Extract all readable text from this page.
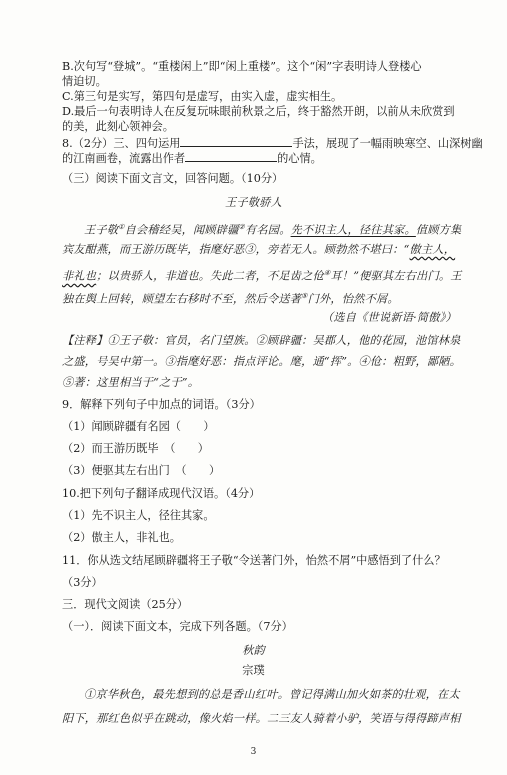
B.次句写“登城”。“重楼闲上”即“闲上重楼”。这个“闲”字表明诗人登楼心
情迫切。
C.第三句是实写，第四句是虚写，由实入虚，虚实相生。
D.最后一句表明诗人在反复玩味眼前秋景之后，终于豁然开朗，以前从未欣赏到
的美，此刻心领神会。
8.（2分）三、四句运用	手法，展现了一幅雨映寒空、山深树幽
的江南画卷，流露出作者	的心情。
（三）阅读下面文言文，回答问题。（10分）
王子敬骄人
王子敬①自会稽经吴，闻顾辟疆②有名园。先不识主人，径往其家。值顾方集
宾友酣燕，而王游历既毕，指麾好恶③，旁若无人。顾勃然不堪曰：“傲主人，
非礼也；以贵骄人，非道也。失此二者，不足齿之伧④耳！”便驱其左右出门。王
独在舆上回转，顾望左右移时不至，然后令送著⑤门外，怡然不屑。
（选自《世说新语·简傲》）
【注释】①王子敬：官员，名门望族。②顾辟疆：吴郡人，他的花园，池馆林泉
之盛，号吴中第一。③指麾好恶：指点评论。麾，通“挥”。④伧：粗野，鄙陋。
⑤著：这里相当于“之于”。
9．解释下列句子中加点的词语。（3分）
（1）闻顾辟疆有名园（　　）
（2）而王游历既毕　（　　）
（3）便驱其左右出门　（　　）
10.把下列句子翻译成现代汉语。（4分）
（1）先不识主人，径往其家。
（2）傲主人，非礼也。
11．你从选文结尾顾辟疆将王子敬“令送著门外，怡然不屑”中感悟到了什么？
（3分）
三．现代文阅读（25分）
（一）．阅读下面文本，完成下列各题。（7分）
秋韵
宗璞
①京华秋色，最先想到的总是香山红叶。曾记得满山加火如茶的壮观，在太
阳下，那红色似乎在跳动，像火焰一样。二三友人骑着小驴，笑语与得得蹄声相
3
